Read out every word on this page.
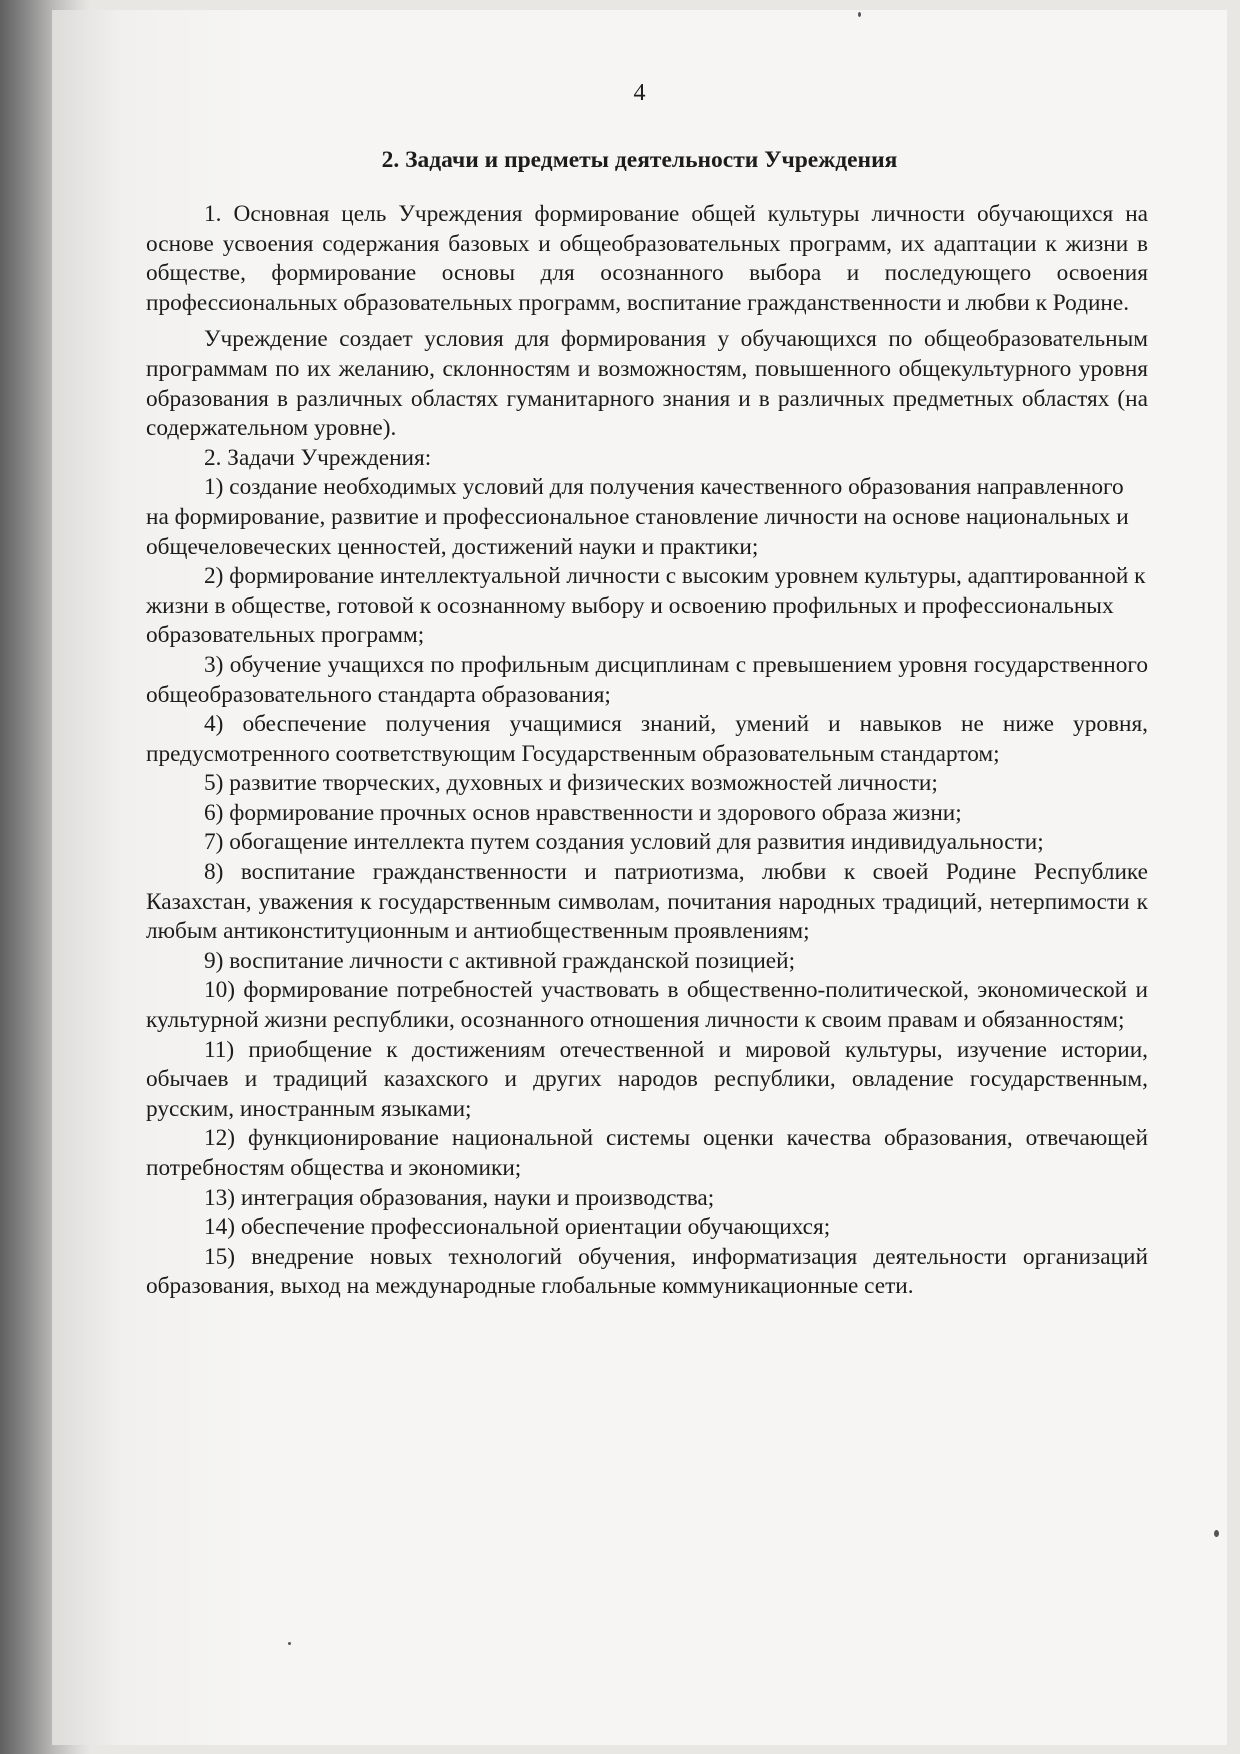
4
2. Задачи и предметы деятельности Учреждения

1. Основная цель Учреждения формирование общей культуры личности обучающихся на основе усвоения содержания базовых и общеобразовательных программ, их адаптации к жизни в обществе, формирование основы для осознанного выбора и последующего освоения профессиональных образовательных программ, воспитание гражданственности и любви к Родине.

Учреждение создает условия для формирования у обучающихся по общеобразовательным программам по их желанию, склонностям и возможностям, повышенного общекультурного уровня образования в различных областях гуманитарного знания и в различных предметных областях (на содержательном уровне).

2. Задачи Учреждения:

1) создание необходимых условий для получения качественного образования направленного на формирование, развитие и профессиональное становление личности на основе национальных и общечеловеческих ценностей, достижений науки и практики;

2) формирование интеллектуальной личности с высоким уровнем культуры, адаптированной к жизни в обществе, готовой к осознанному выбору и освоению профильных и профессиональных образовательных программ;

3) обучение учащихся по профильным дисциплинам с превышением уровня государственного общеобразовательного стандарта образования;

4) обеспечение получения учащимися знаний, умений и навыков не ниже уровня, предусмотренного соответствующим Государственным образовательным стандартом;

5) развитие творческих, духовных и физических возможностей личности;

6) формирование прочных основ нравственности и здорового образа жизни;

7) обогащение интеллекта путем создания условий для развития индивидуальности;

8) воспитание гражданственности и патриотизма, любви к своей Родине Республике Казахстан, уважения к государственным символам, почитания народных традиций, нетерпимости к любым антиконституционным и антиобщественным проявлениям;

9) воспитание личности с активной гражданской позицией;

10) формирование потребностей участвовать в общественно-политической, экономической и культурной жизни республики, осознанного отношения личности к своим правам и обязанностям;

11) приобщение к достижениям отечественной и мировой культуры, изучение истории, обычаев и традиций казахского и других народов республики, овладение государственным, русским, иностранным языками;

12) функционирование национальной системы оценки качества образования, отвечающей потребностям общества и экономики;

13) интеграция образования, науки и производства;

14) обеспечение профессиональной ориентации обучающихся;

15) внедрение новых технологий обучения, информатизация деятельности организаций образования, выход на международные глобальные коммуникационные сети.
